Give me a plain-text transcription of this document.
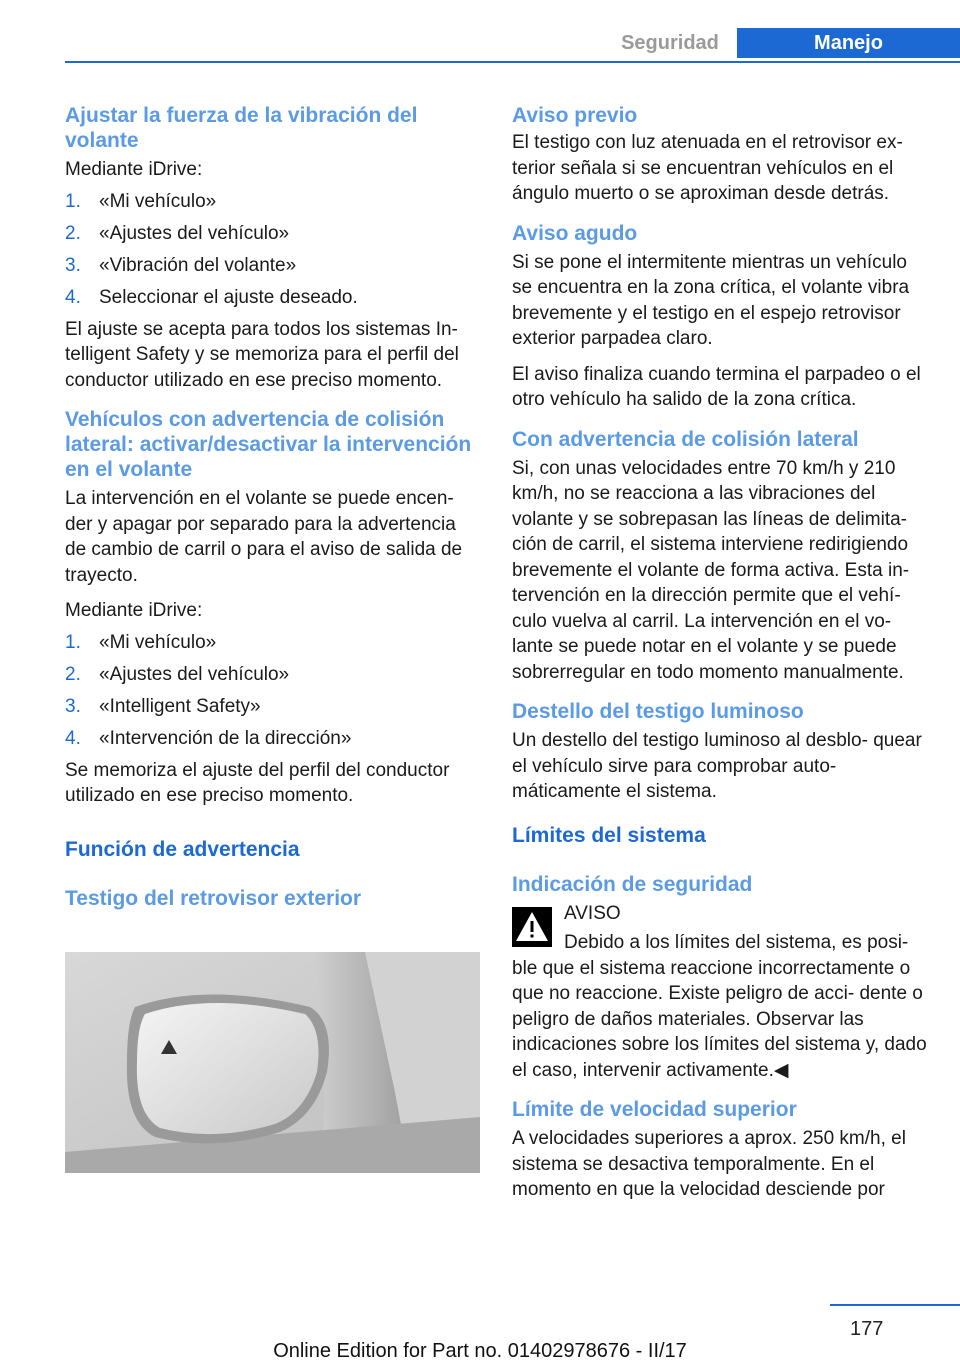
Seguridad	Manejo
Ajustar la fuerza de la vibración del volante

Mediante iDrive:

1. «Mi vehículo»
2. «Ajustes del vehículo»
3. «Vibración del volante»
4. Seleccionar el ajuste deseado.

El ajuste se acepta para todos los sistemas In- telligent Safety y se memoriza para el perfil del conductor utilizado en ese preciso momento.

Vehículos con advertencia de colisión lateral: activar/desactivar la intervención en el volante

La intervención en el volante se puede encen- der y apagar por separado para la advertencia de cambio de carril o para el aviso de salida de trayecto.

Mediante iDrive:

1. «Mi vehículo»
2. «Ajustes del vehículo»
3. «Intelligent Safety»
4. «Intervención de la dirección»

Se memoriza el ajuste del perfil del conductor utilizado en ese preciso momento.

Función de advertencia
Testigo del retrovisor exterior
Aviso previo

El testigo con luz atenuada en el retrovisor ex- terior señala si se encuentran vehículos en el ángulo muerto o se aproximan desde detrás.

Aviso agudo

Si se pone el intermitente mientras un vehículo se encuentra en la zona crítica, el volante vibra brevemente y el testigo en el espejo retrovisor exterior parpadea claro.

El aviso finaliza cuando termina el parpadeo o el otro vehículo ha salido de la zona crítica.

Con advertencia de colisión lateral

Si, con unas velocidades entre 70 km/h y 210 km/h, no se reacciona a las vibraciones del volante y se sobrepasan las líneas de delimita- ción de carril, el sistema interviene redirigiendo brevemente el volante de forma activa. Esta in- tervención en la dirección permite que el vehí- culo vuelva al carril. La intervención en el vo- lante se puede notar en el volante y se puede sobrerregular en todo momento manualmente.

Destello del testigo luminoso

Un destello del testigo luminoso al desblo- quear el vehículo sirve para comprobar auto- máticamente el sistema.

Límites del sistema
Indicación de seguridad

AVISO

Debido a los límites del sistema, es posi- ble que el sistema reaccione incorrectamente o que no reaccione. Existe peligro de acci- dente o peligro de daños materiales. Observar las indicaciones sobre los límites del sistema y, dado el caso, intervenir activamente.◀

Límite de velocidad superior

A velocidades superiores a aprox. 250 km/h, el sistema se desactiva temporalmente. En el momento en que la velocidad desciende por

177
Online Edition for Part no. 01402978676 - II/17
